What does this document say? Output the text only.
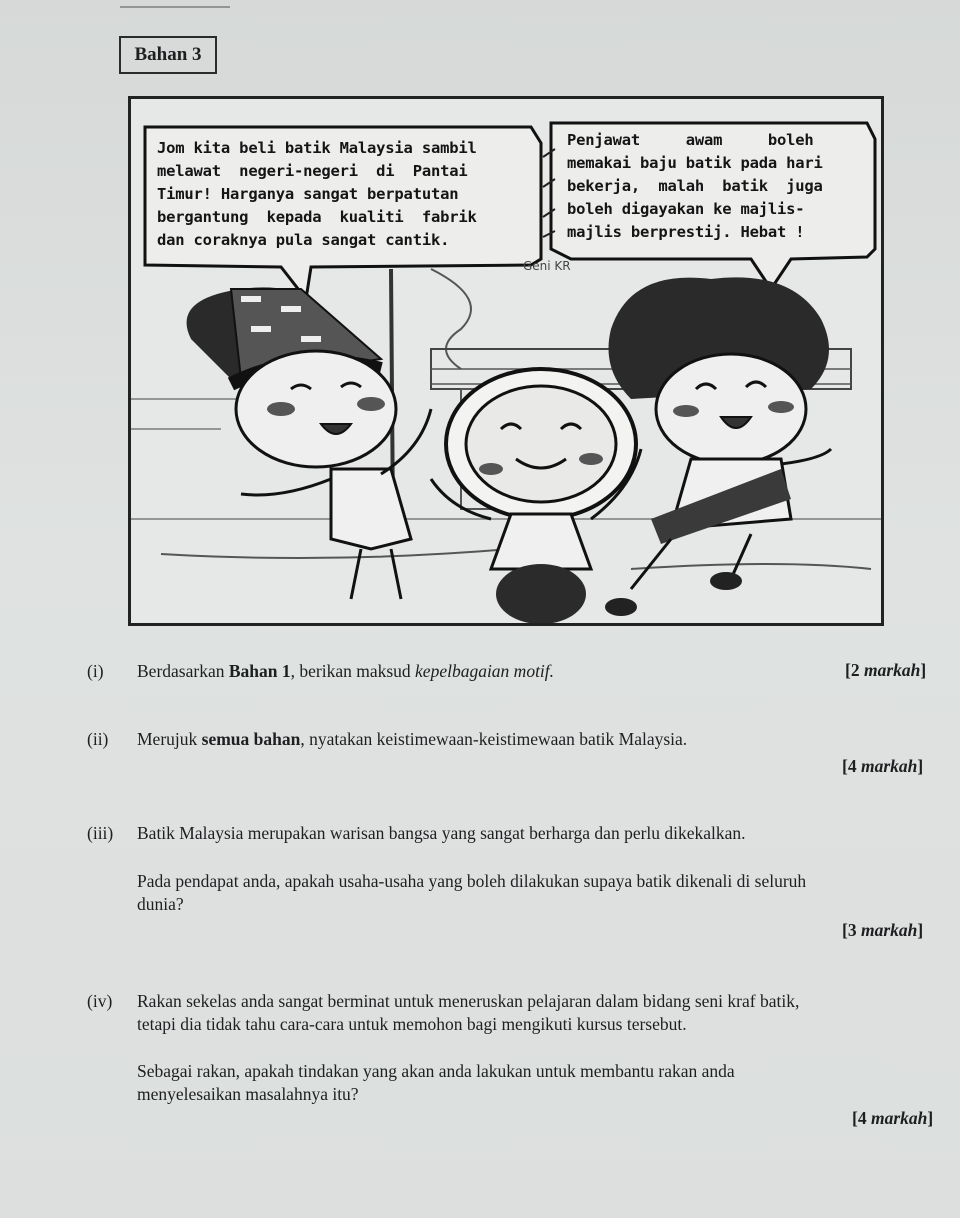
Bahan 3
Jom kita beli batik Malaysia sambil
melawat  negeri-negeri  di  Pantai
Timur! Harganya sangat berpatutan
bergantung  kepada  kualiti  fabrik
dan coraknya pula sangat cantik.
Penjawat     awam     boleh
memakai baju batik pada hari
bekerja,  malah  batik  juga
boleh digayakan ke majlis-
majlis berprestij. Hebat !
Geni KR
(i) Berdasarkan Bahan 1, berikan maksud kepelbagaian motif.	[2 markah]
(ii) Merujuk semua bahan, nyatakan keistimewaan-keistimewaan batik Malaysia.
[4 markah]
(iii) Batik Malaysia merupakan warisan bangsa yang sangat berharga dan perlu dikekalkan.
Pada pendapat anda, apakah usaha-usaha yang boleh dilakukan supaya batik dikenali di seluruh
dunia?
[3 markah]
(iv) Rakan sekelas anda sangat berminat untuk meneruskan pelajaran dalam bidang seni kraf batik,
tetapi dia tidak tahu cara-cara untuk memohon bagi mengikuti kursus tersebut.
Sebagai rakan, apakah tindakan yang akan anda lakukan untuk membantu rakan anda
menyelesaikan masalahnya itu?
[4 markah]
